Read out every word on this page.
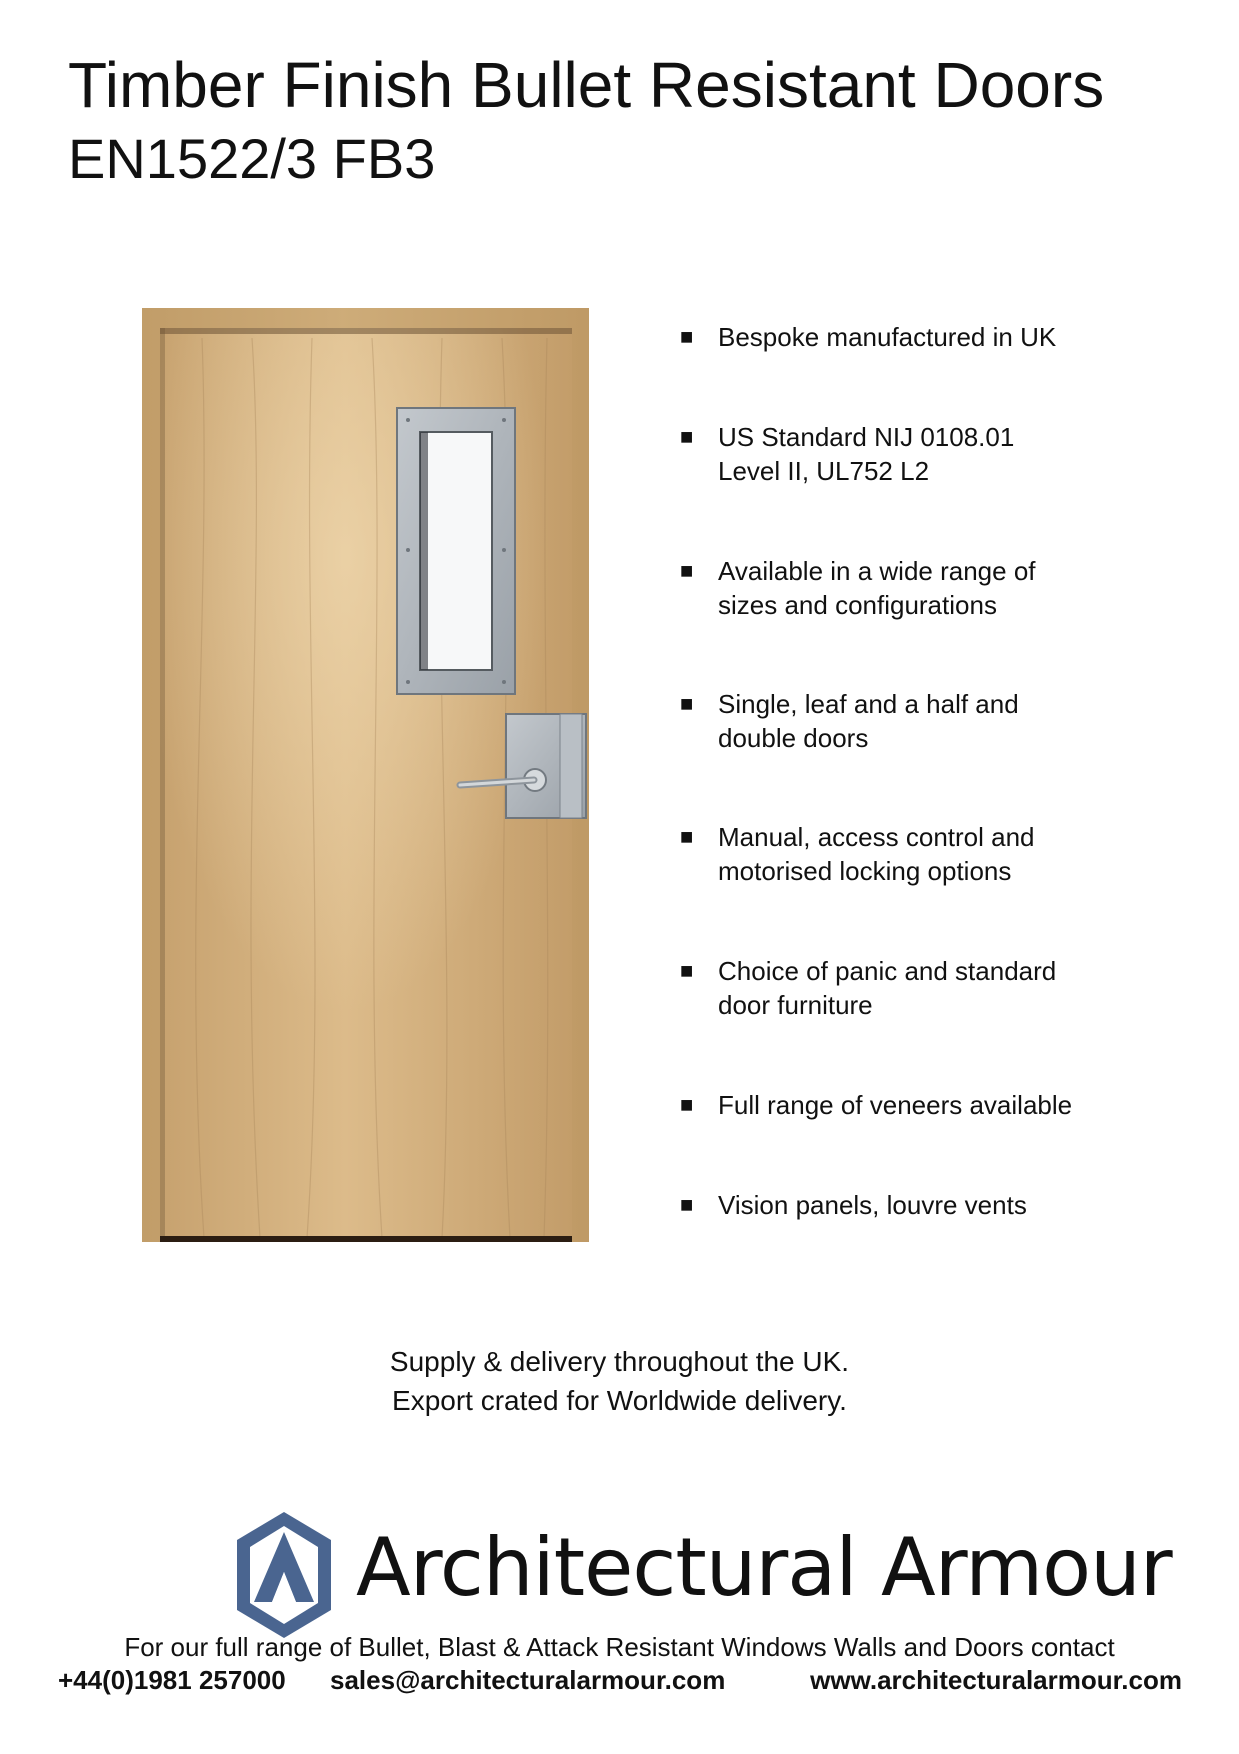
Timber Finish Bullet Resistant Doors
EN1522/3 FB3
■ Bespoke manufactured in UK
■ US Standard NIJ 0108.01
Level II, UL752 L2
■ Available in a wide range of
sizes and configurations
■ Single, leaf and a half and
double doors
■ Manual, access control and
motorised locking options
■ Choice of panic and standard
door furniture
■ Full range of veneers available
■ Vision panels, louvre vents
Supply & delivery throughout the UK.
Export crated for Worldwide delivery.
Architectural Armour
For our full range of Bullet, Blast & Attack Resistant Windows Walls and Doors contact
+44(0)1981 257000 sales@architecturalarmour.com	www.architecturalarmour.com
